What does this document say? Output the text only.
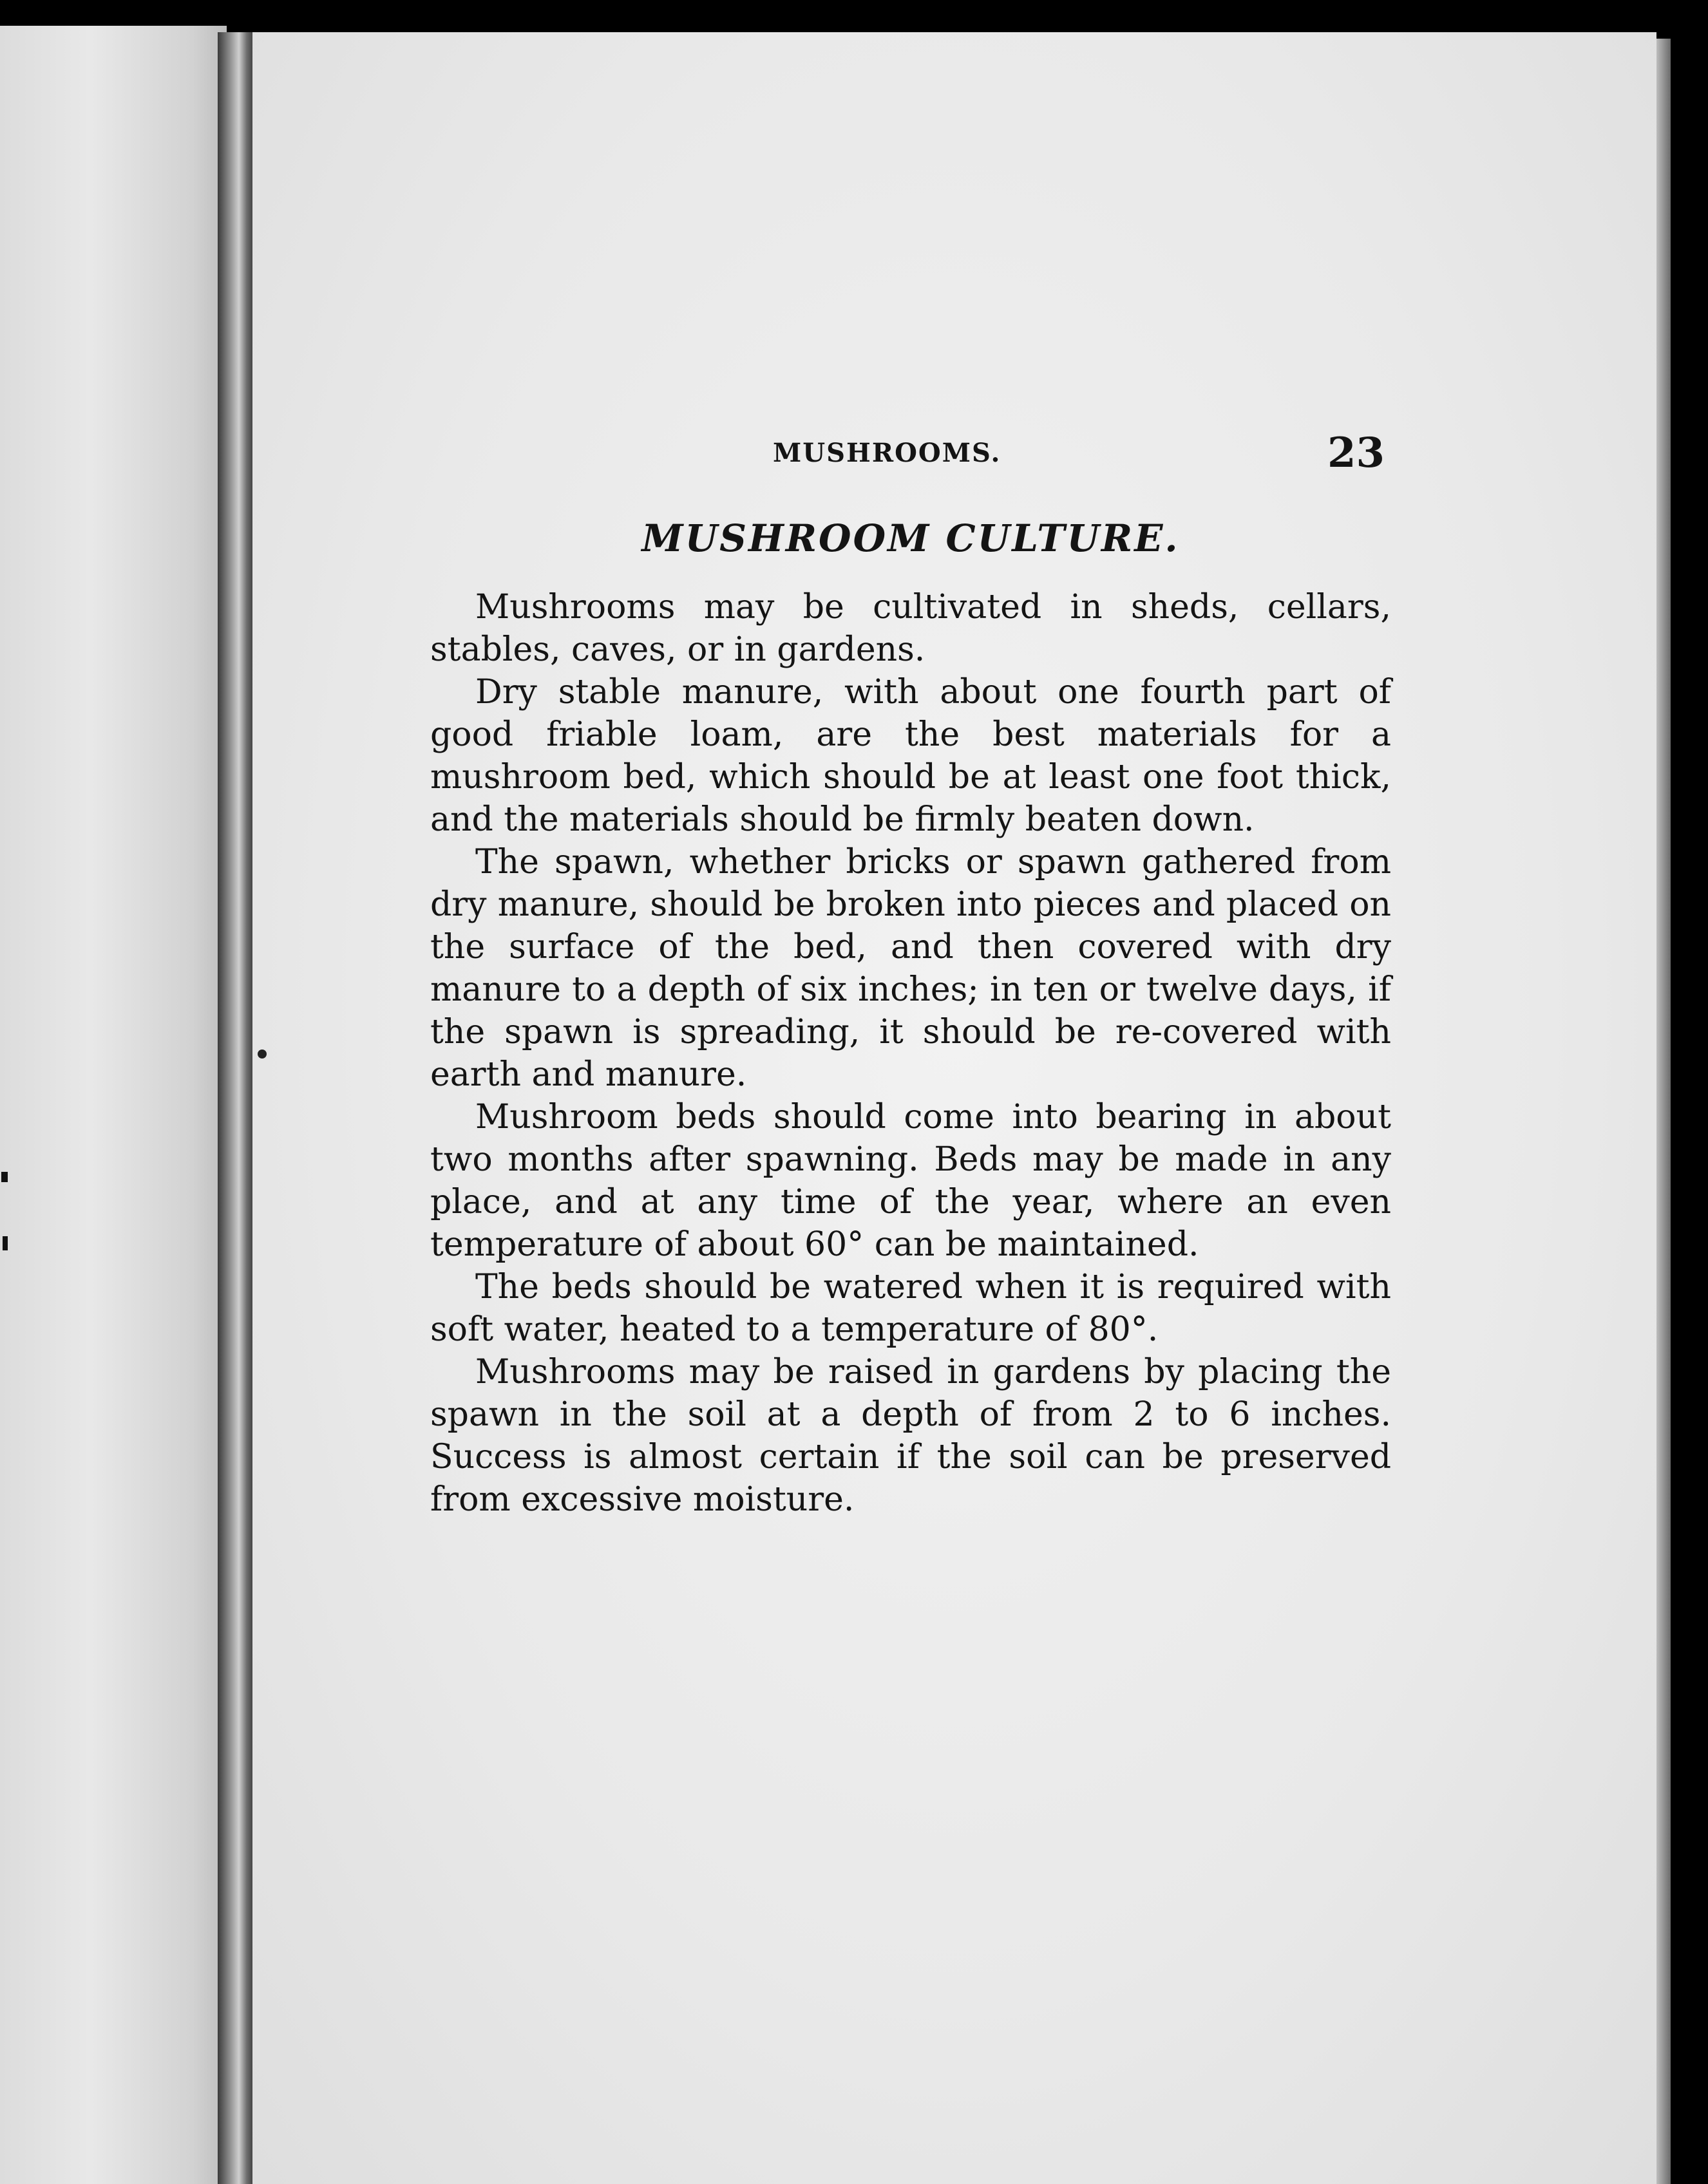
MUSHROOMS.	23
MUSHROOM CULTURE.

Mushrooms may be cultivated in sheds, cellars, stables, caves, or in gardens.

Dry stable manure, with about one fourth part of good friable loam, are the best materials for a mushroom bed, which should be at least one foot thick, and the materials should be firmly beaten down.

The spawn, whether bricks or spawn gathered from dry manure, should be broken into pieces and placed on the surface of the bed, and then covered with dry manure to a depth of six inches; in ten or twelve days, if the spawn is spreading, it should be re-covered with earth and manure.

Mushroom beds should come into bearing in about two months after spawning. Beds may be made in any place, and at any time of the year, where an even temperature of about 60° can be maintained.

The beds should be watered when it is required with soft water, heated to a temperature of 80°.

Mushrooms may be raised in gardens by placing the spawn in the soil at a depth of from 2 to 6 inches. Success is almost certain if the soil can be preserved from excessive moisture.
